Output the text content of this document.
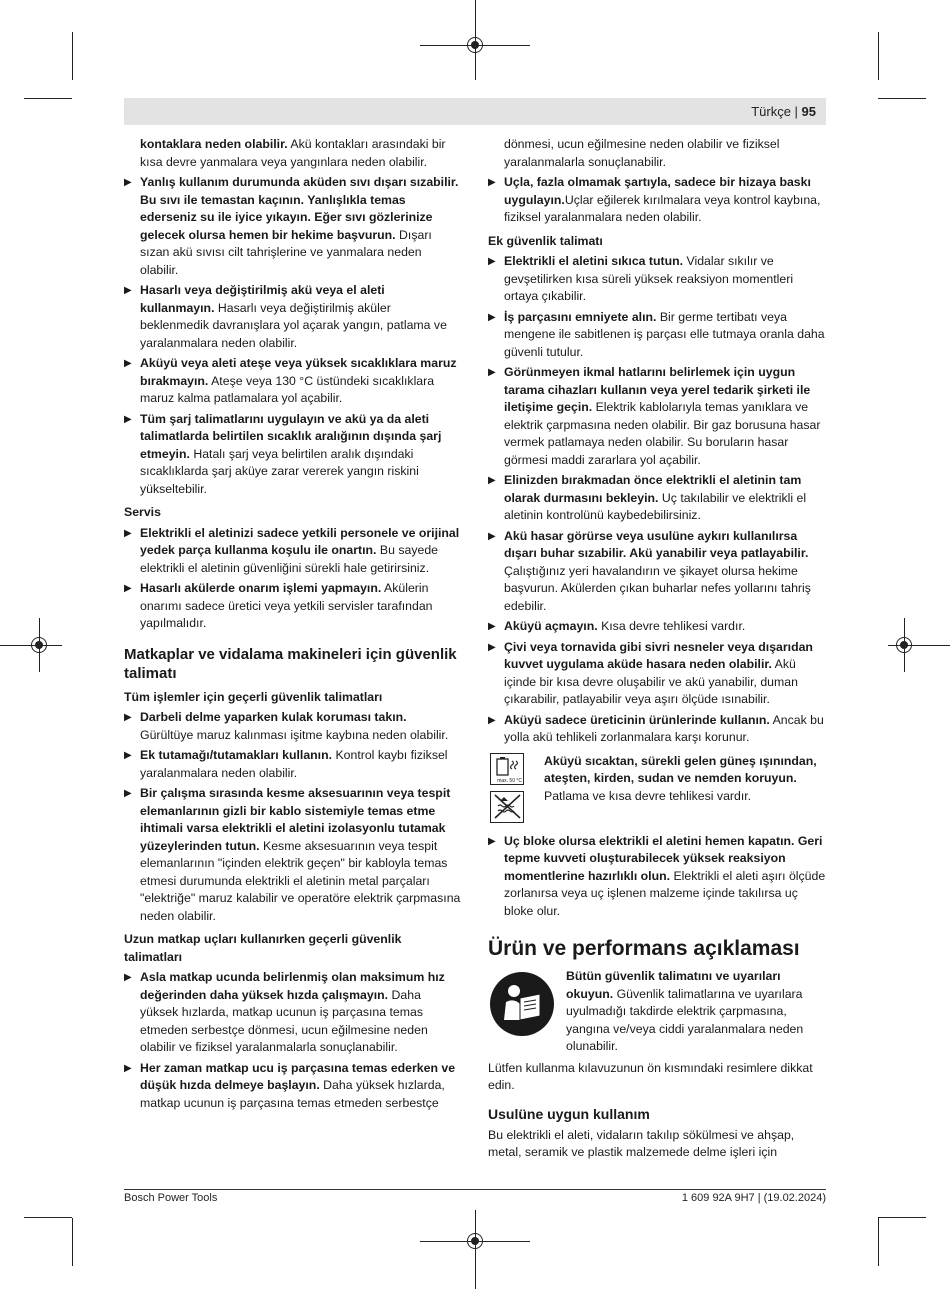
Türkçe | 95

kontaklara neden olabilir. Akü kontakları arasındaki bir kısa devre yanmalara veya yangınlara neden olabilir.

▶ Yanlış kullanım durumunda aküden sıvı dışarı sızabilir. Bu sıvı ile temastan kaçının. Yanlışlıkla temas ederseniz su ile iyice yıkayın. Eğer sıvı gözlerinize gelecek olursa hemen bir hekime başvurun. Dışarı sızan akü sıvısı cilt tahrişlerine ve yanmalara neden olabilir.
▶ Hasarlı veya değiştirilmiş akü veya el aleti kullanmayın. Hasarlı veya değiştirilmiş aküler beklenmedik davranışlara yol açarak yangın, patlama ve yaralanmalara neden olabilir.
▶ Aküyü veya aleti ateşe veya yüksek sıcaklıklara maruz bırakmayın. Ateşe veya 130 °C üstündeki sıcaklıklara maruz kalma patlamalara yol açabilir.
▶ Tüm şarj talimatlarını uygulayın ve akü ya da aleti talimatlarda belirtilen sıcaklık aralığının dışında şarj etmeyin. Hatalı şarj veya belirtilen aralık dışındaki sıcaklıklarda şarj aküye zarar vererek yangın riskini yükseltebilir.
Servis
▶ Elektrikli el aletinizi sadece yetkili personele ve orijinal yedek parça kullanma koşulu ile onartın. Bu sayede elektrikli el aletinin güvenliğini sürekli hale getirirsiniz.
▶ Hasarlı akülerde onarım işlemi yapmayın. Akülerin onarımı sadece üretici veya yetkili servisler tarafından yapılmalıdır.
Matkaplar ve vidalama makineleri için güvenlik talimatı
Tüm işlemler için geçerli güvenlik talimatları
▶ Darbeli delme yaparken kulak koruması takın. Gürültüye maruz kalınması işitme kaybına neden olabilir.
▶ Ek tutamağı/tutamakları kullanın. Kontrol kaybı fiziksel yaralanmalara neden olabilir.
▶ Bir çalışma sırasında kesme aksesuarının veya tespit elemanlarının gizli bir kablo sistemiyle temas etme ihtimali varsa elektrikli el aletini izolasyonlu tutamak yüzeylerinden tutun. Kesme aksesuarının veya tespit elemanlarının "içinden elektrik geçen" bir kabloyla temas etmesi durumunda elektrikli el aletinin metal parçaları "elektriğe" maruz kalabilir ve operatöre elektrik çarpmasına neden olabilir.
Uzun matkap uçları kullanırken geçerli güvenlik talimatları
▶ Asla matkap ucunda belirlenmiş olan maksimum hız değerinden daha yüksek hızda çalışmayın. Daha yüksek hızlarda, matkap ucunun iş parçasına temas etmeden serbestçe dönmesi, ucun eğilmesine neden olabilir ve fiziksel yaralanmalarla sonuçlanabilir.
▶ Her zaman matkap ucu iş parçasına temas ederken ve düşük hızda delmeye başlayın. Daha yüksek hızlarda, matkap ucunun iş parçasına temas etmeden serbestçe

dönmesi, ucun eğilmesine neden olabilir ve fiziksel yaralanmalarla sonuçlanabilir.

▶ Uçla, fazla olmamak şartıyla, sadece bir hizaya baskı uygulayın.Uçlar eğilerek kırılmalara veya kontrol kaybına, fiziksel yaralanmalara neden olabilir.
Ek güvenlik talimatı
▶ Elektrikli el aletini sıkıca tutun. Vidalar sıkılır ve gevşetilirken kısa süreli yüksek reaksiyon momentleri ortaya çıkabilir.
▶ İş parçasını emniyete alın. Bir germe tertibatı veya mengene ile sabitlenen iş parçası elle tutmaya oranla daha güvenli tutulur.
▶ Görünmeyen ikmal hatlarını belirlemek için uygun tarama cihazları kullanın veya yerel tedarik şirketi ile iletişime geçin. Elektrik kablolarıyla temas yanıklara ve elektrik çarpmasına neden olabilir. Bir gaz borusuna hasar vermek patlamaya neden olabilir. Su boruların hasar görmesi maddi zararlara yol açabilir.
▶ Elinizden bırakmadan önce elektrikli el aletinin tam olarak durmasını bekleyin. Uç takılabilir ve elektrikli el aletinin kontrolünü kaybedebilirsiniz.
▶ Akü hasar görürse veya usulüne aykırı kullanılırsa dışarı buhar sızabilir. Akü yanabilir veya patlayabilir. Çalıştığınız yeri havalandırın ve şikayet olursa hekime başvurun. Akülerden çıkan buharlar nefes yollarını tahriş edebilir.
▶ Aküyü açmayın. Kısa devre tehlikesi vardır.
▶ Çivi veya tornavida gibi sivri nesneler veya dışarıdan kuvvet uygulama aküde hasara neden olabilir. Akü içinde bir kısa devre oluşabilir ve akü yanabilir, duman çıkarabilir, patlayabilir veya aşırı ölçüde ısınabilir.
▶ Aküyü sadece üreticinin ürünlerinde kullanın. Ancak bu yolla akü tehlikeli zorlanmalara karşı korunur.
max. 50 °C
Aküyü sıcaktan, sürekli gelen güneş ışınından, ateşten, kirden, sudan ve nemden koruyun. Patlama ve kısa devre tehlikesi vardır.
▶ Uç bloke olursa elektrikli el aletini hemen kapatın. Geri tepme kuvveti oluşturabilecek yüksek reaksiyon momentlerine hazırlıklı olun. Elektrikli el aleti aşırı ölçüde zorlanırsa veya uç işlenen malzeme içinde takılırsa uç bloke olur.
Ürün ve performans açıklaması
Bütün güvenlik talimatını ve uyarıları okuyun. Güvenlik talimatlarına ve uyarılara uyulmadığı takdirde elektrik çarpmasına, yangına ve/veya ciddi yaralanmalara neden olunabilir.

Lütfen kullanma kılavuzunun ön kısmındaki resimlere dikkat edin.

Usulüne uygun kullanım

Bu elektrikli el aleti, vidaların takılıp sökülmesi ve ahşap, metal, seramik ve plastik malzemede delme işleri için

Bosch Power Tools	1 609 92A 9H7 | (19.02.2024)
